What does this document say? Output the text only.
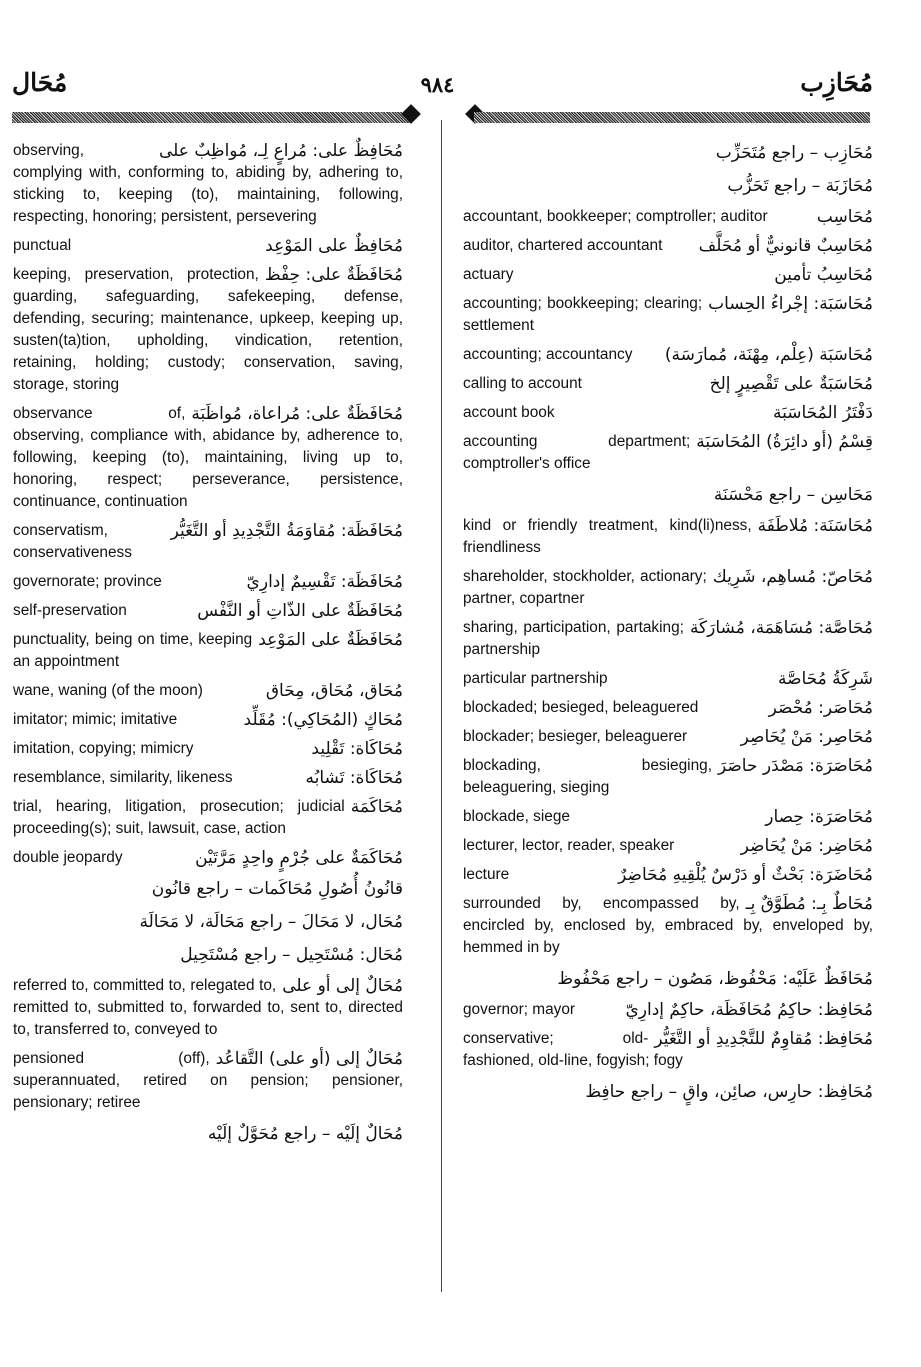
مُحَازِب
٩٨٤
مُحَال
مُحَازِب – راجع مُتَحَزِّب
مُحَازَبَة – راجع تَحَزُّب
مُحَاسِب
accountant, bookkeeper; comptroller; auditor
مُحَاسِبٌ قانونيٌّ أو مُحَلَّف
auditor, chartered accountant
مُحَاسِبُ تأمين
actuary
مُحَاسَبَة: إجْراءُ الحِساب
accounting; bookkeeping; clearing; settlement
مُحَاسَبَة (عِلْم، مِهْنَة، مُمارَسَة)
accounting; accountancy
مُحَاسَبَةٌ على تَقْصِيرٍ إلخ
calling to account
دَفْتَرُ المُحَاسَبَة
account book
قِسْمُ (أو دائِرَةُ) المُحَاسَبَة
accounting department; comptroller's office
مَحَاسِن – راجع مَحْسَنَة
مُحَاسَنَة: مُلاطَفَة
kind or friendly treatment, kind(li)ness, friendliness
مُحَاصّ: مُساهِم، شَرِيك
shareholder, stockholder, actionary; partner, copartner
مُحَاصَّة: مُسَاهَمَة، مُشارَكَة
sharing, participation, partaking; partnership
شَرِكَةُ مُحَاصَّة
particular partnership
مُحَاصَر: مُحْصَر
blockaded; besieged, beleaguered
مُحَاصِر: مَنْ يُحَاصِر
blockader; besieger, beleaguerer
مُحَاصَرَة: مَصْدَر حاصَرَ
blockading, besieging, beleaguering, sieging
مُحَاصَرَة: حِصار
blockade, siege
مُحَاضِر: مَنْ يُحَاضِر
lecturer, lector, reader, speaker
مُحَاضَرَة: بَحْثٌ أو دَرْسٌ يُلْقِيهِ مُحَاضِرٌ
lecture
مُحَاطٌ بِـ: مُطَوَّقٌ بِـ
surrounded by, encompassed by, encircled by, enclosed by, embraced by, enveloped by, hemmed in by
مُحَافَظٌ عَلَيْه: مَحْفُوظ، مَصُون – راجع مَحْفُوظ
مُحَافِظ: حاكِمُ مُحَافَظَة، حاكِمٌ إدارِيّ
governor; mayor
مُحَافِظ: مُقاوِمٌ للتَّجْدِيدِ أو التَّغَيُّر
conservative; old-fashioned, old-line, fogyish; fogy
مُحَافِظ: حارِس، صائِن، واقٍ – راجع حافِظ
مُحَافِظٌ على: مُراعٍ لِـ، مُواظِبٌ على
observing, complying with, conforming to, abiding by, adhering to, sticking to, keeping (to), maintaining, following, respecting, honoring; persistent, persevering
مُحَافِظٌ على المَوْعِد
punctual
مُحَافَظَةٌ على: حِفْظ
keeping, preservation, protection, guarding, safeguarding, safekeeping, defense, defending, securing; maintenance, upkeep, keeping up, susten(ta)tion, upholding, vindication, retention, retaining, holding; custody; conservation, saving, storage, storing
مُحَافَظَةٌ على: مُراعاة، مُواظَبَة
observance of, observing, compliance with, abidance by, adherence to, following, keeping (to), maintaining, living up to, honoring, respect; perseverance, persistence, continuance, continuation
مُحَافَظَة: مُقاوَمَةُ التَّجْدِيدِ أو التَّغَيُّر
conservatism, conservativeness
مُحَافَظَة: تَقْسِيمٌ إدارِيّ
governorate; province
مُحَافَظَةٌ على الذّاتِ أو النَّفْس
self-preservation
مُحَافَظَةٌ على المَوْعِد
punctuality, being on time, keeping an appointment
مُحَاق، مُحَاق، مِحَاق
wane, waning (of the moon)
مُحَاكٍ (المُحَاكِي): مُقَلِّد
imitator; mimic; imitative
مُحَاكَاة: تَقْلِيد
imitation, copying; mimicry
مُحَاكَاة: تَشابُه
resemblance, similarity, likeness
مُحَاكَمَة
trial, hearing, litigation, prosecution; judicial proceeding(s); suit, lawsuit, case, action
مُحَاكَمَةٌ على جُرْمٍ واحِدٍ مَرَّتَيْن
double jeopardy
قانُونُ أُصُولِ مُحَاكَمات – راجع قانُون
مُحَال، لا مَحَالَ – راجع مَحَالَة، لا مَحَالَة
مُحَال: مُسْتَحِيل – راجع مُسْتَحِيل
مُحَالٌ إلى أو على
referred to, committed to, relegated to, remitted to, submitted to, forwarded to, sent to, directed to, transferred to, conveyed to
مُحَالٌ إلى (أو على) التَّقاعُد
pensioned (off), superannuated, retired on pension; pensioner, pensionary; retiree
مُحَالٌ إلَيْه – راجع مُحَوَّلٌ إلَيْه
